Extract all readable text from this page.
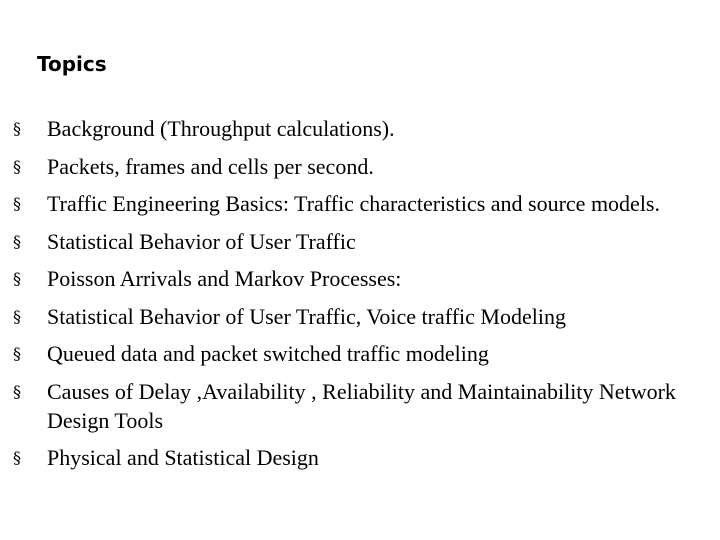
Topics
§ Background (Throughput calculations).
§ Packets, frames and cells per second.
§ Traffic Engineering Basics: Traffic characteristics and source models.
§ Statistical Behavior of User Traffic
§ Poisson Arrivals and Markov Processes:
§ Statistical Behavior of User Traffic, Voice traffic Modeling
§ Queued data and packet switched traffic modeling
§ Causes of Delay ,Availability , Reliability and Maintainability Network Design Tools
§ Physical and Statistical Design
